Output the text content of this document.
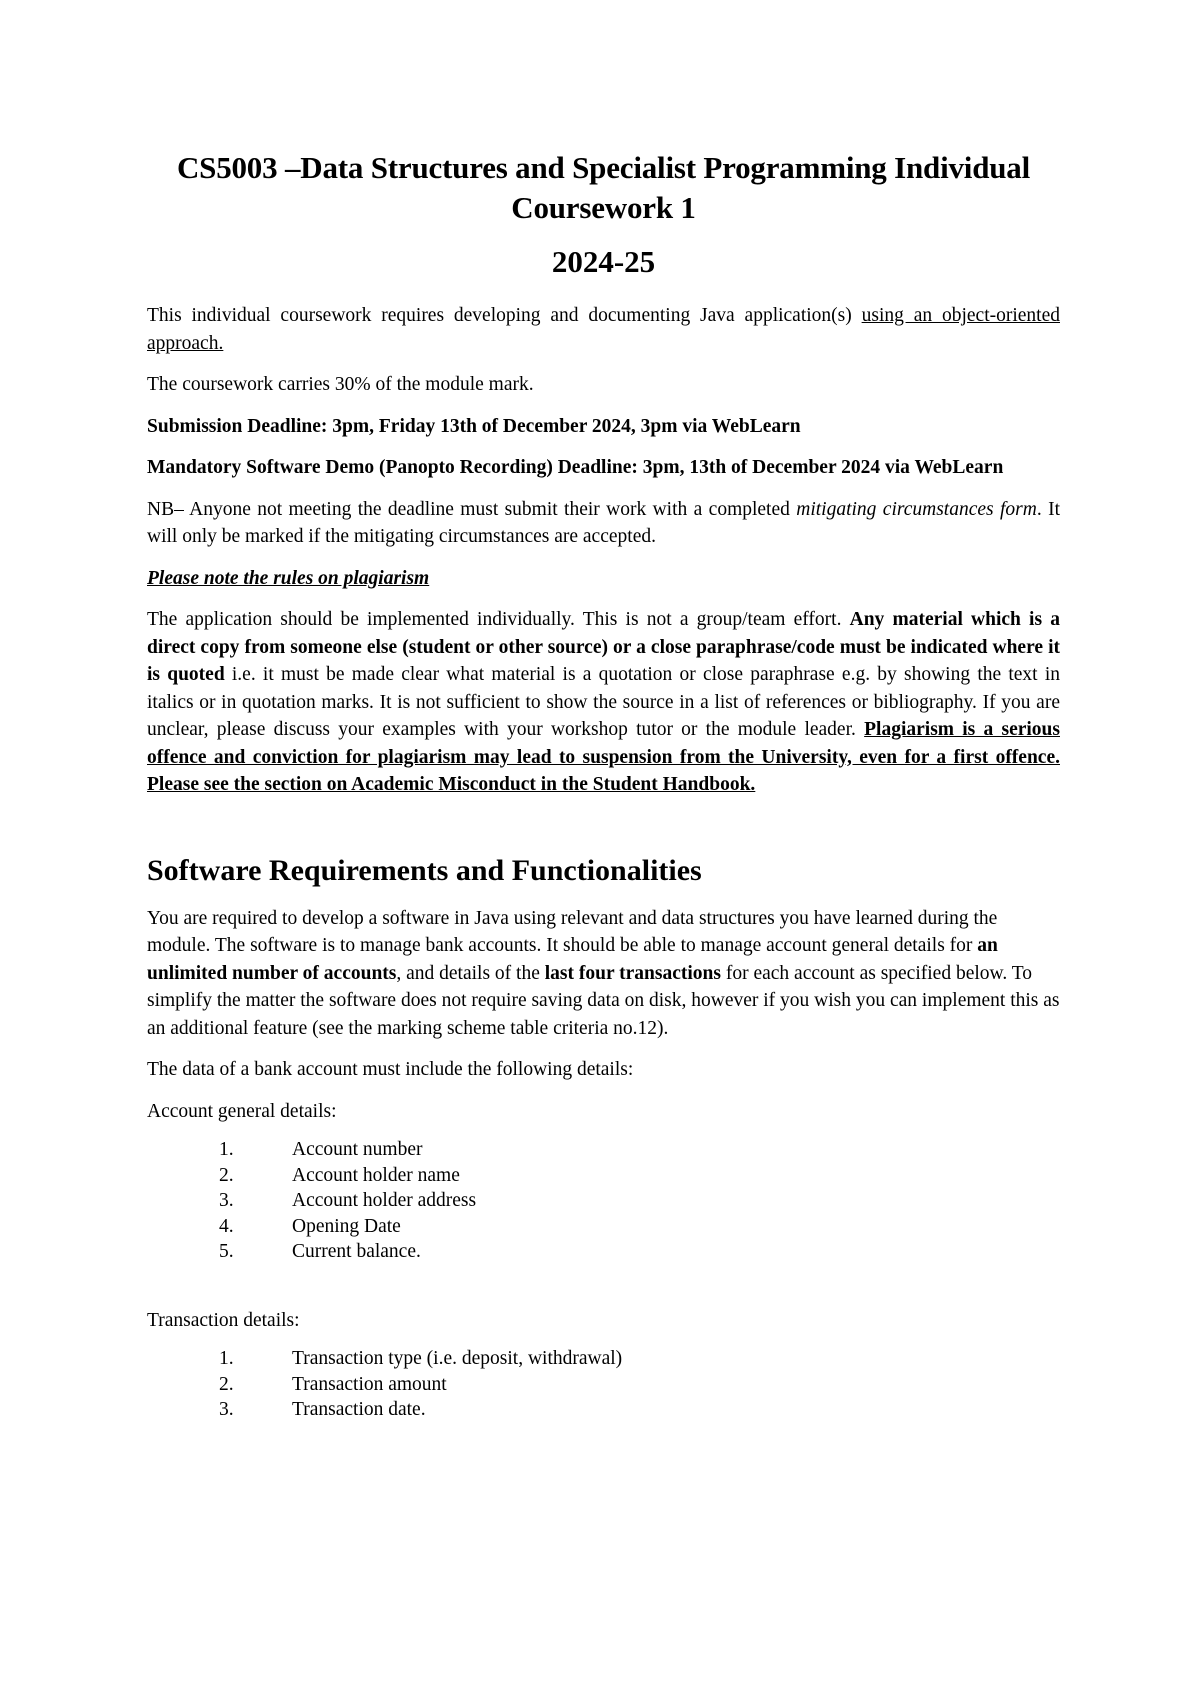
CS5003 –Data Structures and Specialist Programming Individual Coursework 1
2024-25

This individual coursework requires developing and documenting Java application(s) using an object-oriented approach.

The coursework carries 30% of the module mark.

Submission Deadline: 3pm, Friday 13th of December 2024, 3pm via WebLearn

Mandatory Software Demo (Panopto Recording) Deadline: 3pm, 13th of December 2024 via WebLearn

NB– Anyone not meeting the deadline must submit their work with a completed mitigating circumstances form. It will only be marked if the mitigating circumstances are accepted.

Please note the rules on plagiarism

The application should be implemented individually. This is not a group/team effort. Any material which is a direct copy from someone else (student or other source) or a close paraphrase/code must be indicated where it is quoted i.e. it must be made clear what material is a quotation or close paraphrase e.g. by showing the text in italics or in quotation marks. It is not sufficient to show the source in a list of references or bibliography. If you are unclear, please discuss your examples with your workshop tutor or the module leader. Plagiarism is a serious offence and conviction for plagiarism may lead to suspension from the University, even for a first offence. Please see the section on Academic Misconduct in the Student Handbook.

Software Requirements and Functionalities

You are required to develop a software in Java using relevant and data structures you have learned during the module. The software is to manage bank accounts. It should be able to manage account general details for an unlimited number of accounts, and details of the last four transactions for each account as specified below. To simplify the matter the software does not require saving data on disk, however if you wish you can implement this as an additional feature (see the marking scheme table criteria no.12).

The data of a bank account must include the following details:

Account general details:

1.	Account number
2.	Account holder name
3.	Account holder address
4.	Opening Date
5.	Current balance.

Transaction details:

1.	Transaction type (i.e. deposit, withdrawal)
2.	Transaction amount
3.	Transaction date.
